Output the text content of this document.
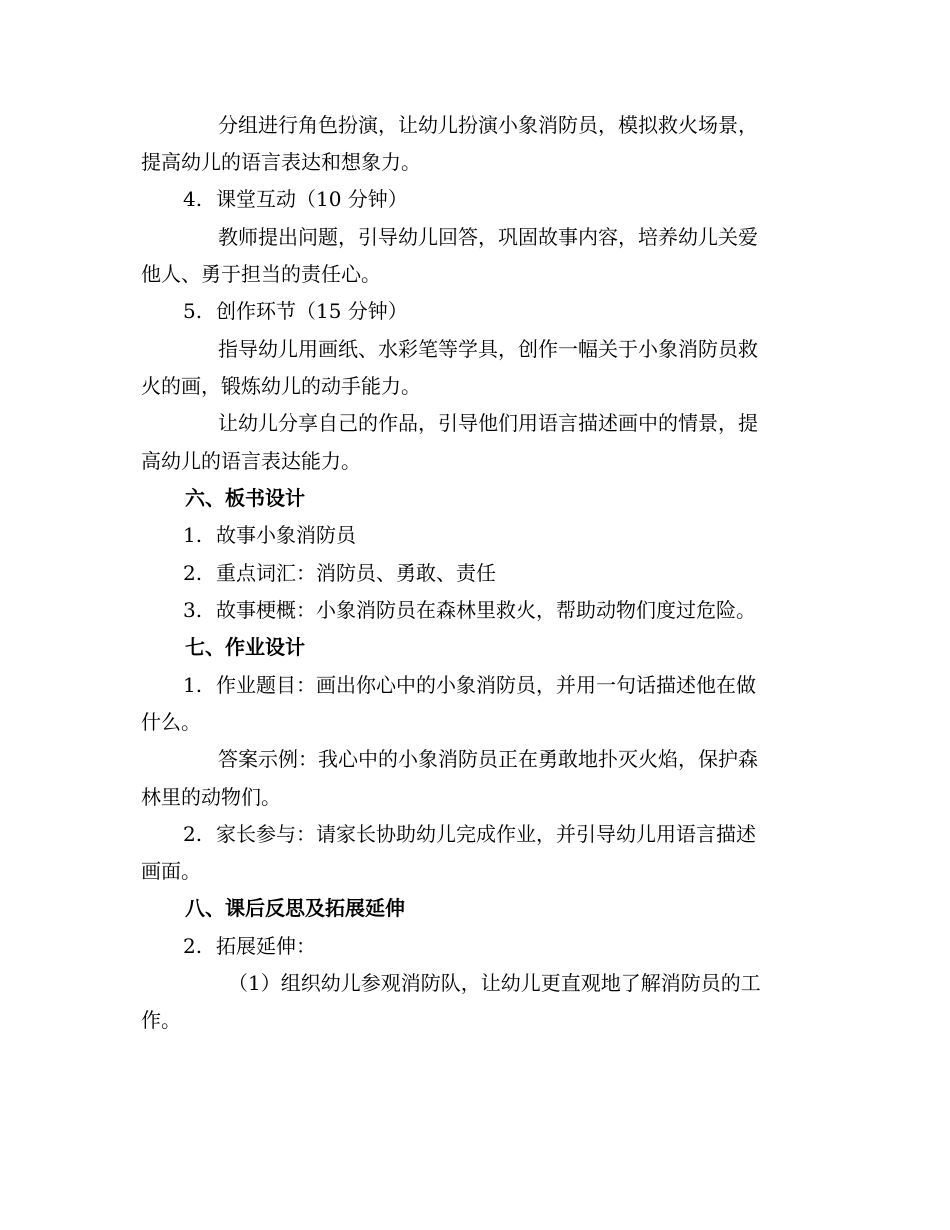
分组进行角色扮演，让幼儿扮演小象消防员，模拟救火场景，
提高幼儿的语言表达和想象力。
4. 课堂互动（10 分钟）
教师提出问题，引导幼儿回答，巩固故事内容，培养幼儿关爱
他人、勇于担当的责任心。
5. 创作环节（15 分钟）
指导幼儿用画纸、水彩笔等学具，创作一幅关于小象消防员救
火的画，锻炼幼儿的动手能力。
让幼儿分享自己的作品，引导他们用语言描述画中的情景，提
高幼儿的语言表达能力。
六、板书设计
1. 故事小象消防员
2. 重点词汇：消防员、勇敢、责任
3. 故事梗概：小象消防员在森林里救火，帮助动物们度过危险。
七、作业设计
1. 作业题目：画出你心中的小象消防员，并用一句话描述他在做
什么。
答案示例：我心中的小象消防员正在勇敢地扑灭火焰，保护森
林里的动物们。
2. 家长参与：请家长协助幼儿完成作业，并引导幼儿用语言描述
画面。
八、课后反思及拓展延伸
2. 拓展延伸：
（1）组织幼儿参观消防队，让幼儿更直观地了解消防员的工
作。
